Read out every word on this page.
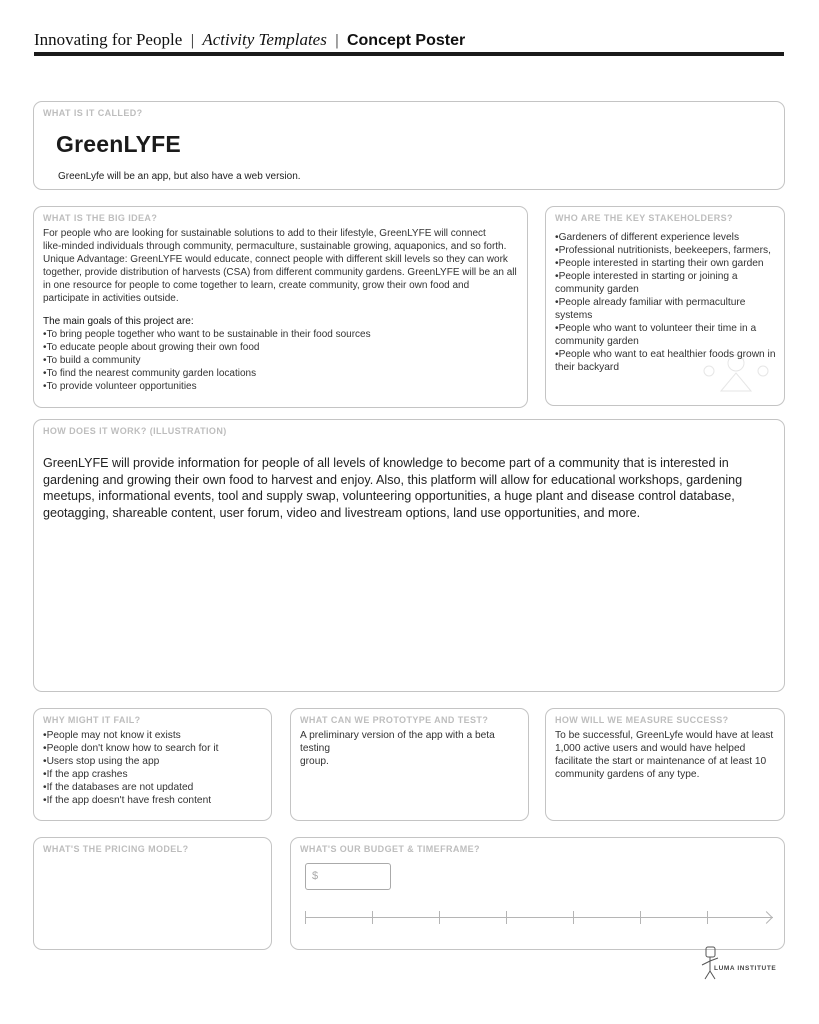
Innovating for People | Activity Templates | Concept Poster
WHAT IS IT CALLED?
GreenLYFE
GreenLyfe will be an app, but also have a web version.
WHAT IS THE BIG IDEA?
For people who are looking for sustainable solutions to add to their lifestyle, GreenLYFE will connect
like-minded individuals through community, permaculture, sustainable growing, aquaponics, and so forth.
Unique Advantage: GreenLYFE would educate, connect people with different skill levels so they can work
together, provide distribution of harvests (CSA) from different community gardens. GreenLYFE will be an all
in one resource for people to come together to learn, create community, grow their own food and
participate in activities outside.
The main goals of this project are:
• To bring people together who want to be sustainable in their food sources
• To educate people about growing their own food
• To build a community
• To find the nearest community garden locations
• To provide volunteer opportunities
WHO ARE THE KEY STAKEHOLDERS?
• Gardeners of different experience levels
• Professional nutritionists, beekeepers, farmers,
• People interested in starting their own garden
• People interested in starting or joining a community garden
• People already familiar with permaculture systems
• People who want to volunteer their time in a community garden
• People who want to eat healthier foods grown in their backyard
HOW DOES IT WORK? (ILLUSTRATION)
GreenLYFE will provide information for people of all levels of knowledge to become part of a community that is interested in
gardening and growing their own food to harvest and enjoy. Also, this platform will allow for educational workshops, gardening
meetups, informational events, tool and supply swap, volunteering opportunities, a huge plant and disease control database,
geotagging, shareable content, user forum, video and livestream options, land use opportunities, and more.
WHY MIGHT IT FAIL?
• People may not know it exists
• People don't know how to search for it
• Users stop using the app
• If the app crashes
• If the databases are not updated
• If the app doesn't have fresh content
WHAT CAN WE PROTOTYPE AND TEST?
A preliminary version of the app with a beta testing
group.
HOW WILL WE MEASURE SUCCESS?
To be successful, GreenLyfe would have at least
1,000 active users and would have helped
facilitate the start or maintenance of at least 10
community gardens of any type.
WHAT'S THE PRICING MODEL?	WHAT'S OUR BUDGET & TIMEFRAME?
$
LUMA INSTITUTE
